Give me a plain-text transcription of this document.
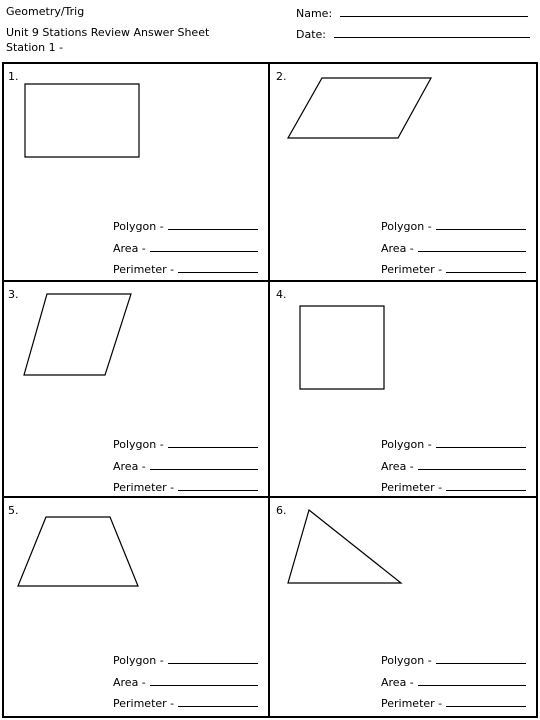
Geometry/Trig
Unit 9 Stations Review Answer Sheet
Station 1 -
Name:
Date:
1.
Polygon -
Area -
Perimeter -
2.
Polygon -
Area -
Perimeter -
3.
Polygon -
Area -
Perimeter -
4.
Polygon -
Area -
Perimeter -
5.
Polygon -
Area -
Perimeter -
6.
Polygon -
Area -
Perimeter -
